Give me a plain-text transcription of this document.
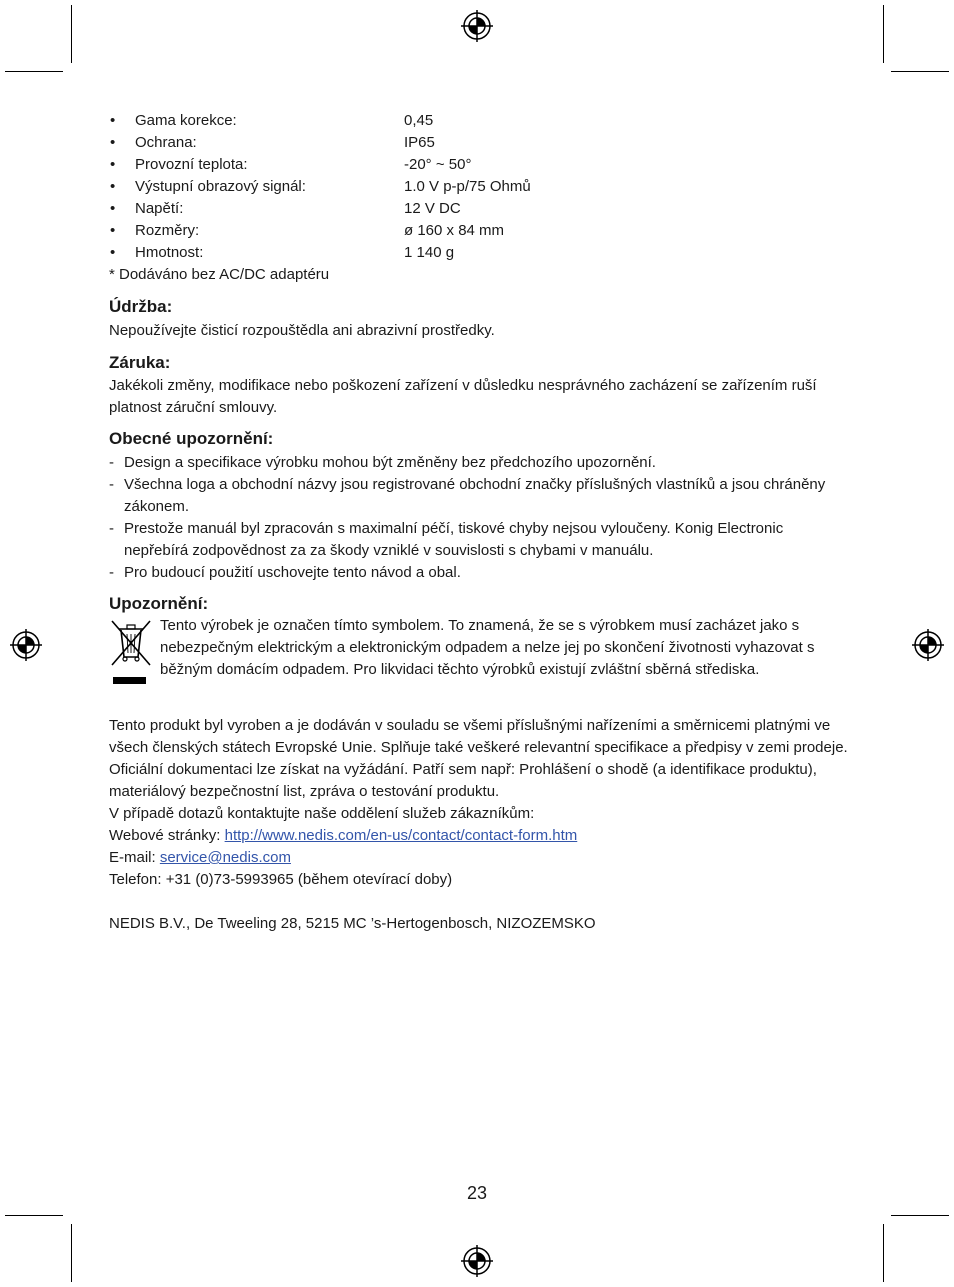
•	Gama korekce:	0,45
•	Ochrana:	IP65
•	Provozní teplota:	-20° ~ 50°
•	Výstupní obrazový signál:	1.0 V p-p/75 Ohmů
•	Napětí:	12 V DC
•	Rozměry:	ø 160 x 84 mm
•	Hmotnost:	1 140 g

* Dodáváno bez AC/DC adaptéru

Údržba:

Nepoužívejte čisticí rozpouštědla ani abrazivní prostředky.

Záruka:

Jakékoli změny, modifikace nebo poškození zařízení v důsledku nesprávného zacházení se zařízením ruší platnost záruční smlouvy.

Obecné upozornění:
- Design a specifikace výrobku mohou být změněny bez předchozího upozornění.
- Všechna loga a obchodní názvy jsou registrované obchodní značky příslušných vlastníků a jsou chráněny zákonem.
- Prestože manuál byl zpracován s maximalní péčí, tiskové chyby nejsou vyloučeny. Konig Electronic nepřebírá zodpovědnost za za škody vzniklé v souvislosti s chybami v manuálu.
- Pro budoucí použití uschovejte tento návod a obal.
Upozornění:

Tento výrobek je označen tímto symbolem. To znamená, že se s výrobkem musí zacházet jako s nebezpečným elektrickým a elektronickým odpadem a nelze jej po skončení životnosti vyhazovat s běžným domácím odpadem. Pro likvidaci těchto výrobků existují zvláštní sběrná střediska.

Tento produkt byl vyroben a je dodáván v souladu se všemi příslušnými nařízeními a směrnicemi platnými ve všech členských státech Evropské Unie. Splňuje také veškeré relevantní specifikace a předpisy v zemi prodeje.

Oficiální dokumentaci lze získat na vyžádání. Patří sem např: Prohlášení o shodě (a identifikace produktu), materiálový bezpečnostní list, zpráva o testování produktu.

V případě dotazů kontaktujte naše oddělení služeb zákazníkům:

Webové stránky: http://www.nedis.com/en-us/contact/contact-form.htm

E-mail: service@nedis.com

Telefon: +31 (0)73-5993965 (během otevírací doby)

NEDIS B.V., De Tweeling 28, 5215 MC ’s-Hertogenbosch, NIZOZEMSKO

23
